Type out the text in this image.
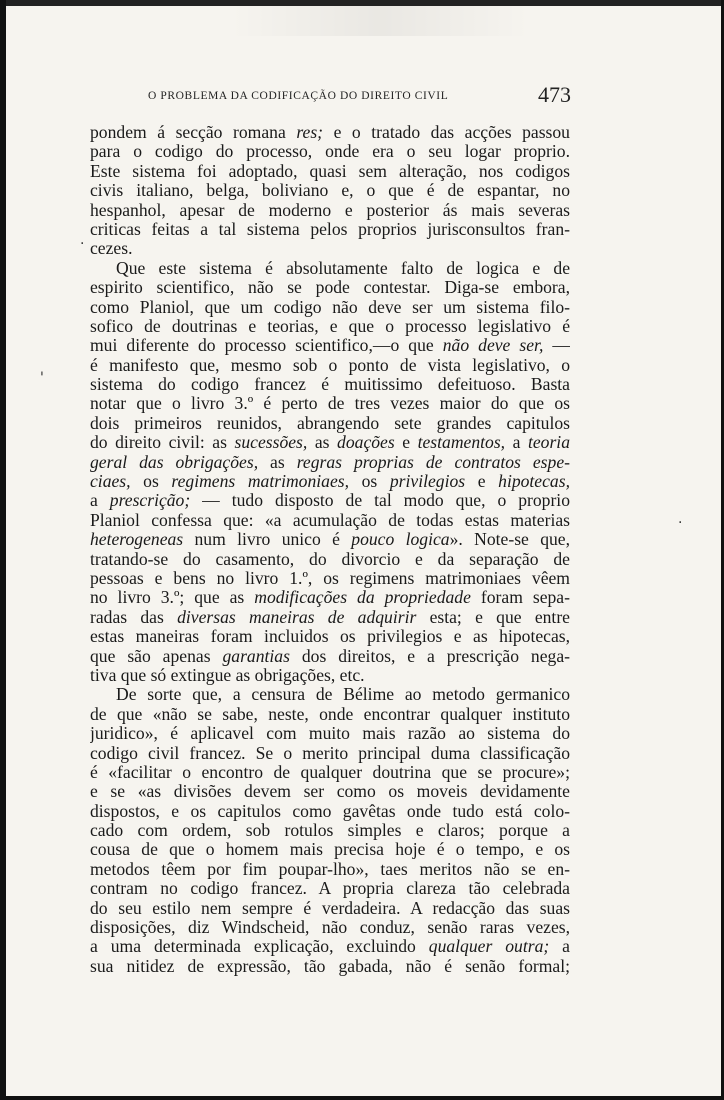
O PROBLEMA DA CODIFICAÇÃO DO DIREITO CIVIL	473
pondem á secção romana res; e o tratado das acções passou
para o codigo do processo, onde era o seu logar proprio.
Este sistema foi adoptado, quasi sem alteração, nos codigos
civis italiano, belga, boliviano e, o que é de espantar, no
hespanhol, apesar de moderno e posterior ás mais severas
criticas feitas a tal sistema pelos proprios jurisconsultos fran-
cezes.
Que este sistema é absolutamente falto de logica e de
espirito scientifico, não se pode contestar. Diga-se embora,
como Planiol, que um codigo não deve ser um sistema filo-
sofico de doutrinas e teorias, e que o processo legislativo é
mui diferente do processo scientifico,—o que não deve ser, —
é manifesto que, mesmo sob o ponto de vista legislativo, o
sistema do codigo francez é muitissimo defeituoso. Basta
notar que o livro 3.º é perto de tres vezes maior do que os
dois primeiros reunidos, abrangendo sete grandes capitulos
do direito civil: as sucessões, as doações e testamentos, a teoria
geral das obrigações, as regras proprias de contratos espe-
ciaes, os regimens matrimoniaes, os privilegios e hipotecas,
a prescrição; — tudo disposto de tal modo que, o proprio
Planiol confessa que: «a acumulação de todas estas materias
heterogeneas num livro unico é pouco logica». Note-se que,
tratando-se do casamento, do divorcio e da separação de
pessoas e bens no livro 1.º, os regimens matrimoniaes vêem
no livro 3.º; que as modificações da propriedade foram sepa-
radas das diversas maneiras de adquirir esta; e que entre
estas maneiras foram incluidos os privilegios e as hipotecas,
que são apenas garantias dos direitos, e a prescrição nega-
tiva que só extingue as obrigações, etc.
De sorte que, a censura de Bélime ao metodo germanico
de que «não se sabe, neste, onde encontrar qualquer instituto
juridico», é aplicavel com muito mais razão ao sistema do
codigo civil francez. Se o merito principal duma classificação
é «facilitar o encontro de qualquer doutrina que se procure»;
e se «as divisões devem ser como os moveis devidamente
dispostos, e os capitulos como gavêtas onde tudo está colo-
cado com ordem, sob rotulos simples e claros; porque a
cousa de que o homem mais precisa hoje é o tempo, e os
metodos têem por fim poupar-lho», taes meritos não se en-
contram no codigo francez. A propria clareza tão celebrada
do seu estilo nem sempre é verdadeira. A redacção das suas
disposições, diz Windscheid, não conduz, senão raras vezes,
a uma determinada explicação, excluindo qualquer outra; a
sua nitidez de expressão, tão gabada, não é senão formal;
'
.
·
